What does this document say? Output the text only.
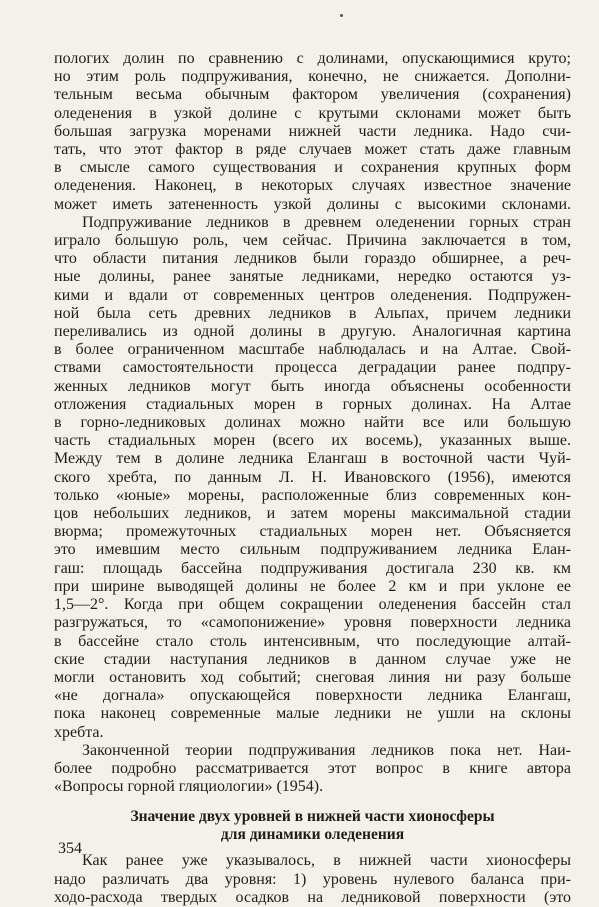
пологих долин по сравнению с долинами, опускающимися круто;
но этим роль подпруживания, конечно, не снижается. Дополни-
тельным весьма обычным фактором увеличения (сохранения)
оледенения в узкой долине с крутыми склонами может быть
большая загрузка моренами нижней части ледника. Надо счи-
тать, что этот фактор в ряде случаев может стать даже главным
в смысле самого существования и сохранения крупных форм
оледенения. Наконец, в некоторых случаях известное значение
может иметь затененность узкой долины с высокими склонами.
Подпруживание ледников в древнем оледенении горных стран
играло большую роль, чем сейчас. Причина заключается в том,
что области питания ледников были гораздо обширнее, а реч-
ные долины, ранее занятые ледниками, нередко остаются уз-
кими и вдали от современных центров оледенения. Подпружен-
ной была сеть древних ледников в Альпах, причем ледники
переливались из одной долины в другую. Аналогичная картина
в более ограниченном масштабе наблюдалась и на Алтае. Свой-
ствами самостоятельности процесса деградации ранее подпру-
женных ледников могут быть иногда объяснены особенности
отложения стадиальных морен в горных долинах. На Алтае
в горно-ледниковых долинах можно найти все или большую
часть стадиальных морен (всего их восемь), указанных выше.
Между тем в долине ледника Елангаш в восточной части Чуй-
ского хребта, по данным Л. Н. Ивановского (1956), имеются
только «юные» морены, расположенные близ современных кон-
цов небольших ледников, и затем морены максимальной стадии
вюрма; промежуточных стадиальных морен нет. Объясняется
это имевшим место сильным подпруживанием ледника Елан-
гаш: площадь бассейна подпруживания достигала 230 кв. км
при ширине выводящей долины не более 2 км и при уклоне ее
1,5—2°. Когда при общем сокращении оледенения бассейн стал
разгружаться, то «самопонижение» уровня поверхности ледника
в бассейне стало столь интенсивным, что последующие алтай-
ские стадии наступания ледников в данном случае уже не
могли остановить ход событий; снеговая линия ни разу больше
«не догнала» опускающейся поверхности ледника Елангаш,
пока наконец современные малые ледники не ушли на склоны
хребта.
Законченной теории подпруживания ледников пока нет. Наи-
более подробно рассматривается этот вопрос в книге автора
«Вопросы горной гляциологии» (1954).
Значение двух уровней в нижней части хионосферы
для динамики оледенения
Как ранее уже указывалось, в нижней части хионосферы
надо различать два уровня: 1) уровень нулевого баланса при-
ходо-расхода твердых осадков на ледниковой поверхности (это
354
